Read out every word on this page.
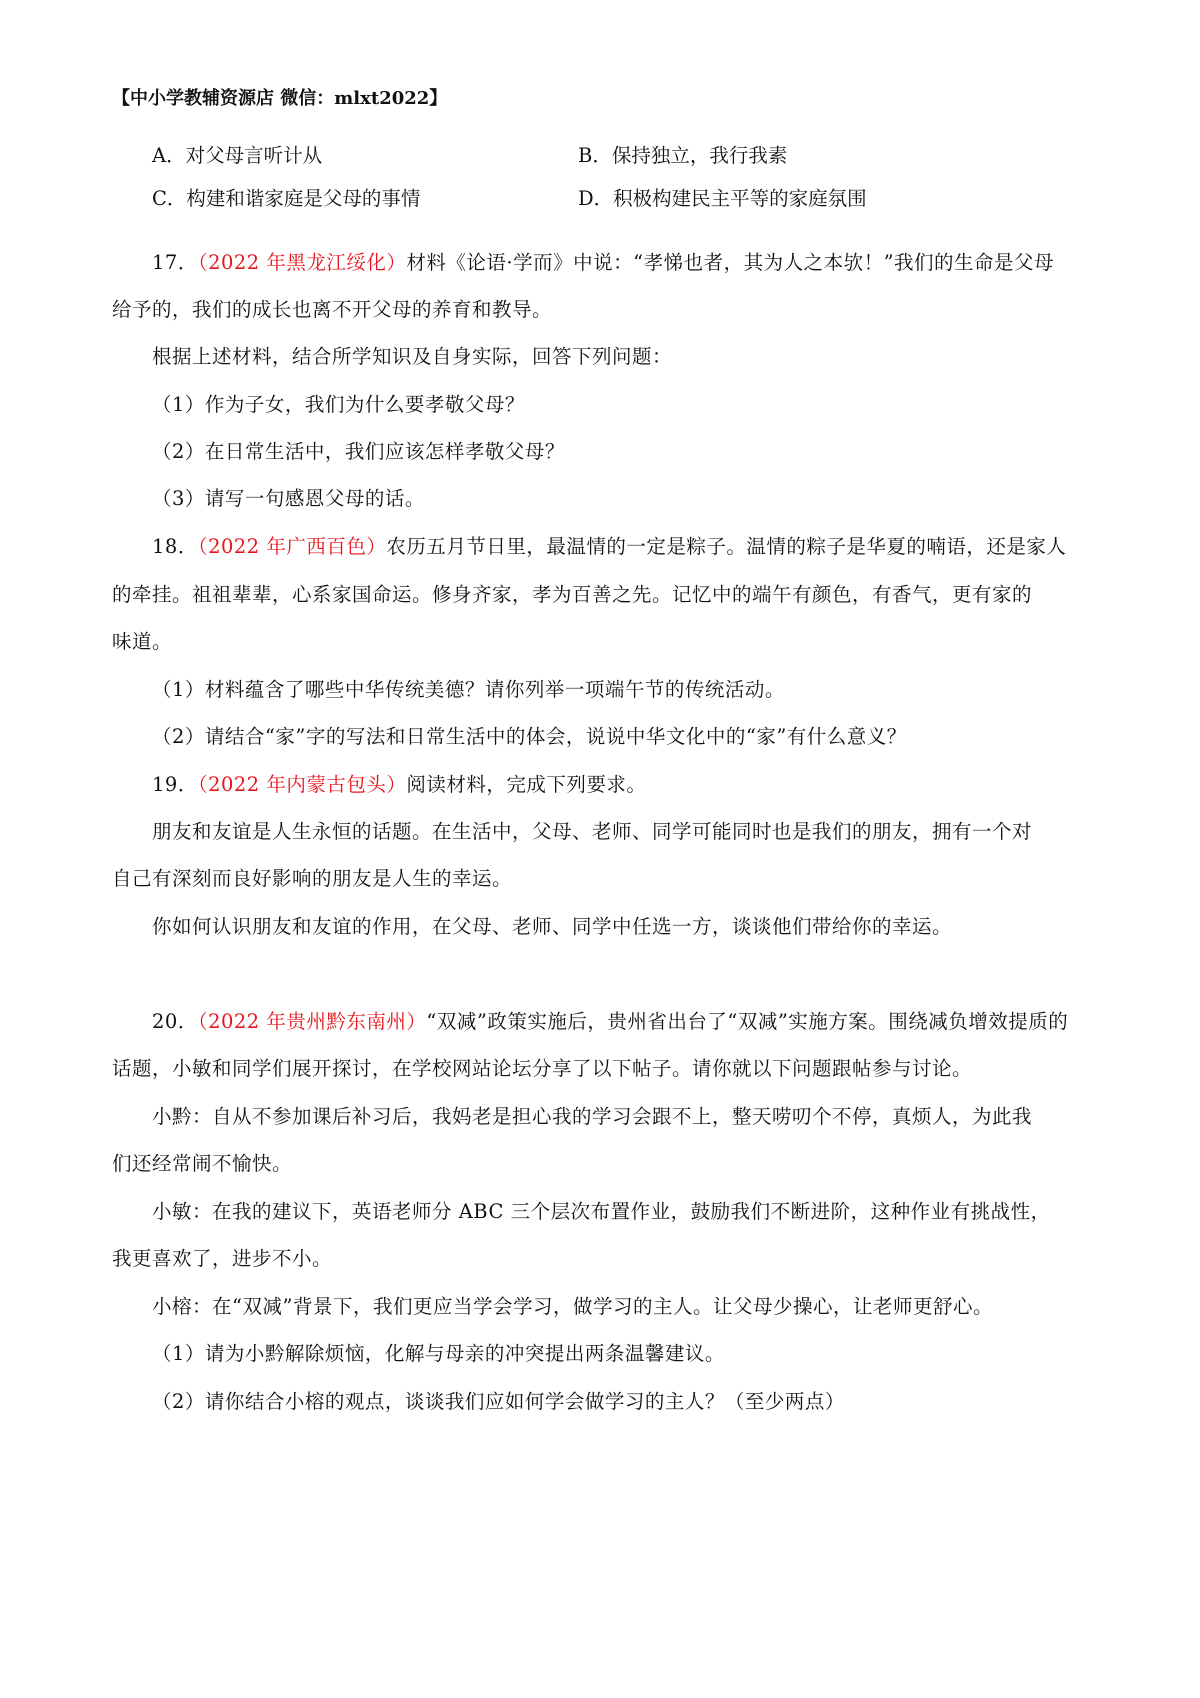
【中小学教辅资源店 微信：mlxt2022】
A．对父母言听计从	B．保持独立，我行我素
C．构建和谐家庭是父母的事情	D．积极构建民主平等的家庭氛围
17．（2022 年黑龙江绥化）材料《论语·学而》中说：“孝悌也者，其为人之本欤！”我们的生命是父母
给予的，我们的成长也离不开父母的养育和教导。
根据上述材料，结合所学知识及自身实际，回答下列问题：
（1）作为子女，我们为什么要孝敬父母？
（2）在日常生活中，我们应该怎样孝敬父母？
（3）请写一句感恩父母的话。
18．（2022 年广西百色）农历五月节日里，最温情的一定是粽子。温情的粽子是华夏的喃语，还是家人
的牵挂。祖祖辈辈，心系家国命运。修身齐家，孝为百善之先。记忆中的端午有颜色，有香气，更有家的
味道。
（1）材料蕴含了哪些中华传统美德？请你列举一项端午节的传统活动。
（2）请结合“家”字的写法和日常生活中的体会，说说中华文化中的“家”有什么意义？
19．（2022 年内蒙古包头）阅读材料，完成下列要求。
朋友和友谊是人生永恒的话题。在生活中，父母、老师、同学可能同时也是我们的朋友，拥有一个对
自己有深刻而良好影响的朋友是人生的幸运。
你如何认识朋友和友谊的作用，在父母、老师、同学中任选一方，谈谈他们带给你的幸运。
20．（2022 年贵州黔东南州）“双减”政策实施后，贵州省出台了“双减”实施方案。围绕减负增效提质的
话题，小敏和同学们展开探讨，在学校网站论坛分享了以下帖子。请你就以下问题跟帖参与讨论。
小黔：自从不参加课后补习后，我妈老是担心我的学习会跟不上，整天唠叨个不停，真烦人，为此我
们还经常闹不愉快。
小敏：在我的建议下，英语老师分 ABC 三个层次布置作业，鼓励我们不断进阶，这种作业有挑战性，
我更喜欢了，进步不小。
小榕：在“双减”背景下，我们更应当学会学习，做学习的主人。让父母少操心，让老师更舒心。
（1）请为小黔解除烦恼，化解与母亲的冲突提出两条温馨建议。
（2）请你结合小榕的观点，谈谈我们应如何学会做学习的主人？（至少两点）
